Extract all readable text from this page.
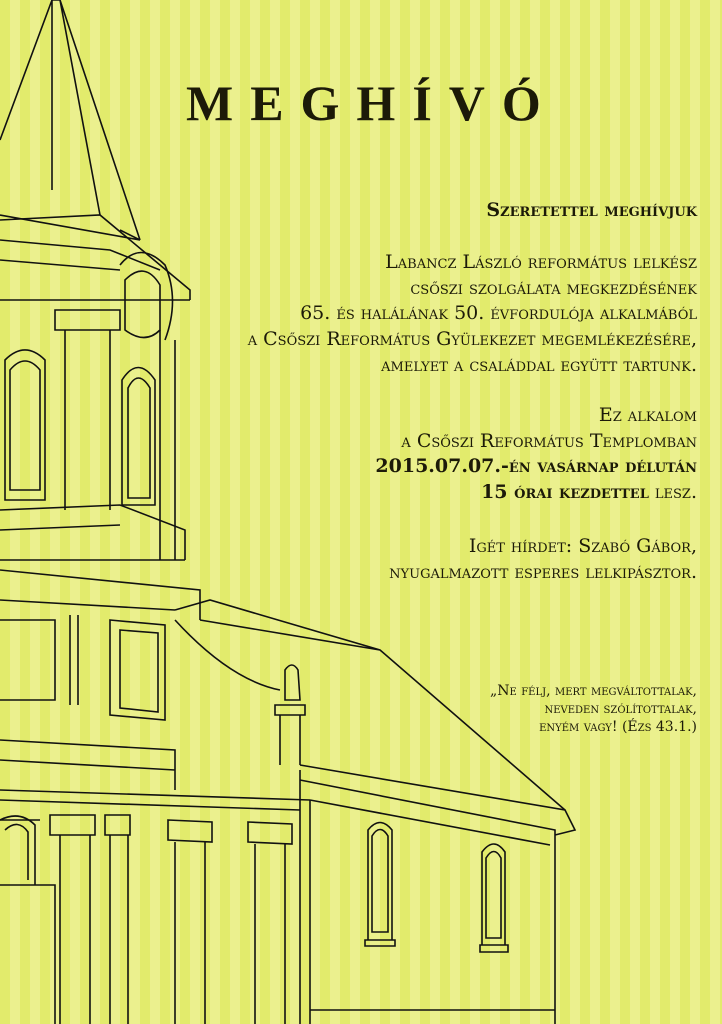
MEGHÍVÓ
Szeretettel meghívjuk
Labancz László református lelkész
csőszi szolgálata megkezdésének
65. és halálának 50. évfordulója alkalmából
a Csőszi Református Gyülekezet megemlékezésére,
amelyet a családdal együtt tartunk.
Ez alkalom
a Csőszi Református Templomban
2015.07.07.-én vasárnap délután
15 órai kezdettel lesz.
Igét hírdet: Szabó Gábor,
nyugalmazott esperes lelkipásztor.
„Ne félj, mert megváltottalak,
neveden szólítottalak,
enyém vagy! (Ézs 43.1.)
